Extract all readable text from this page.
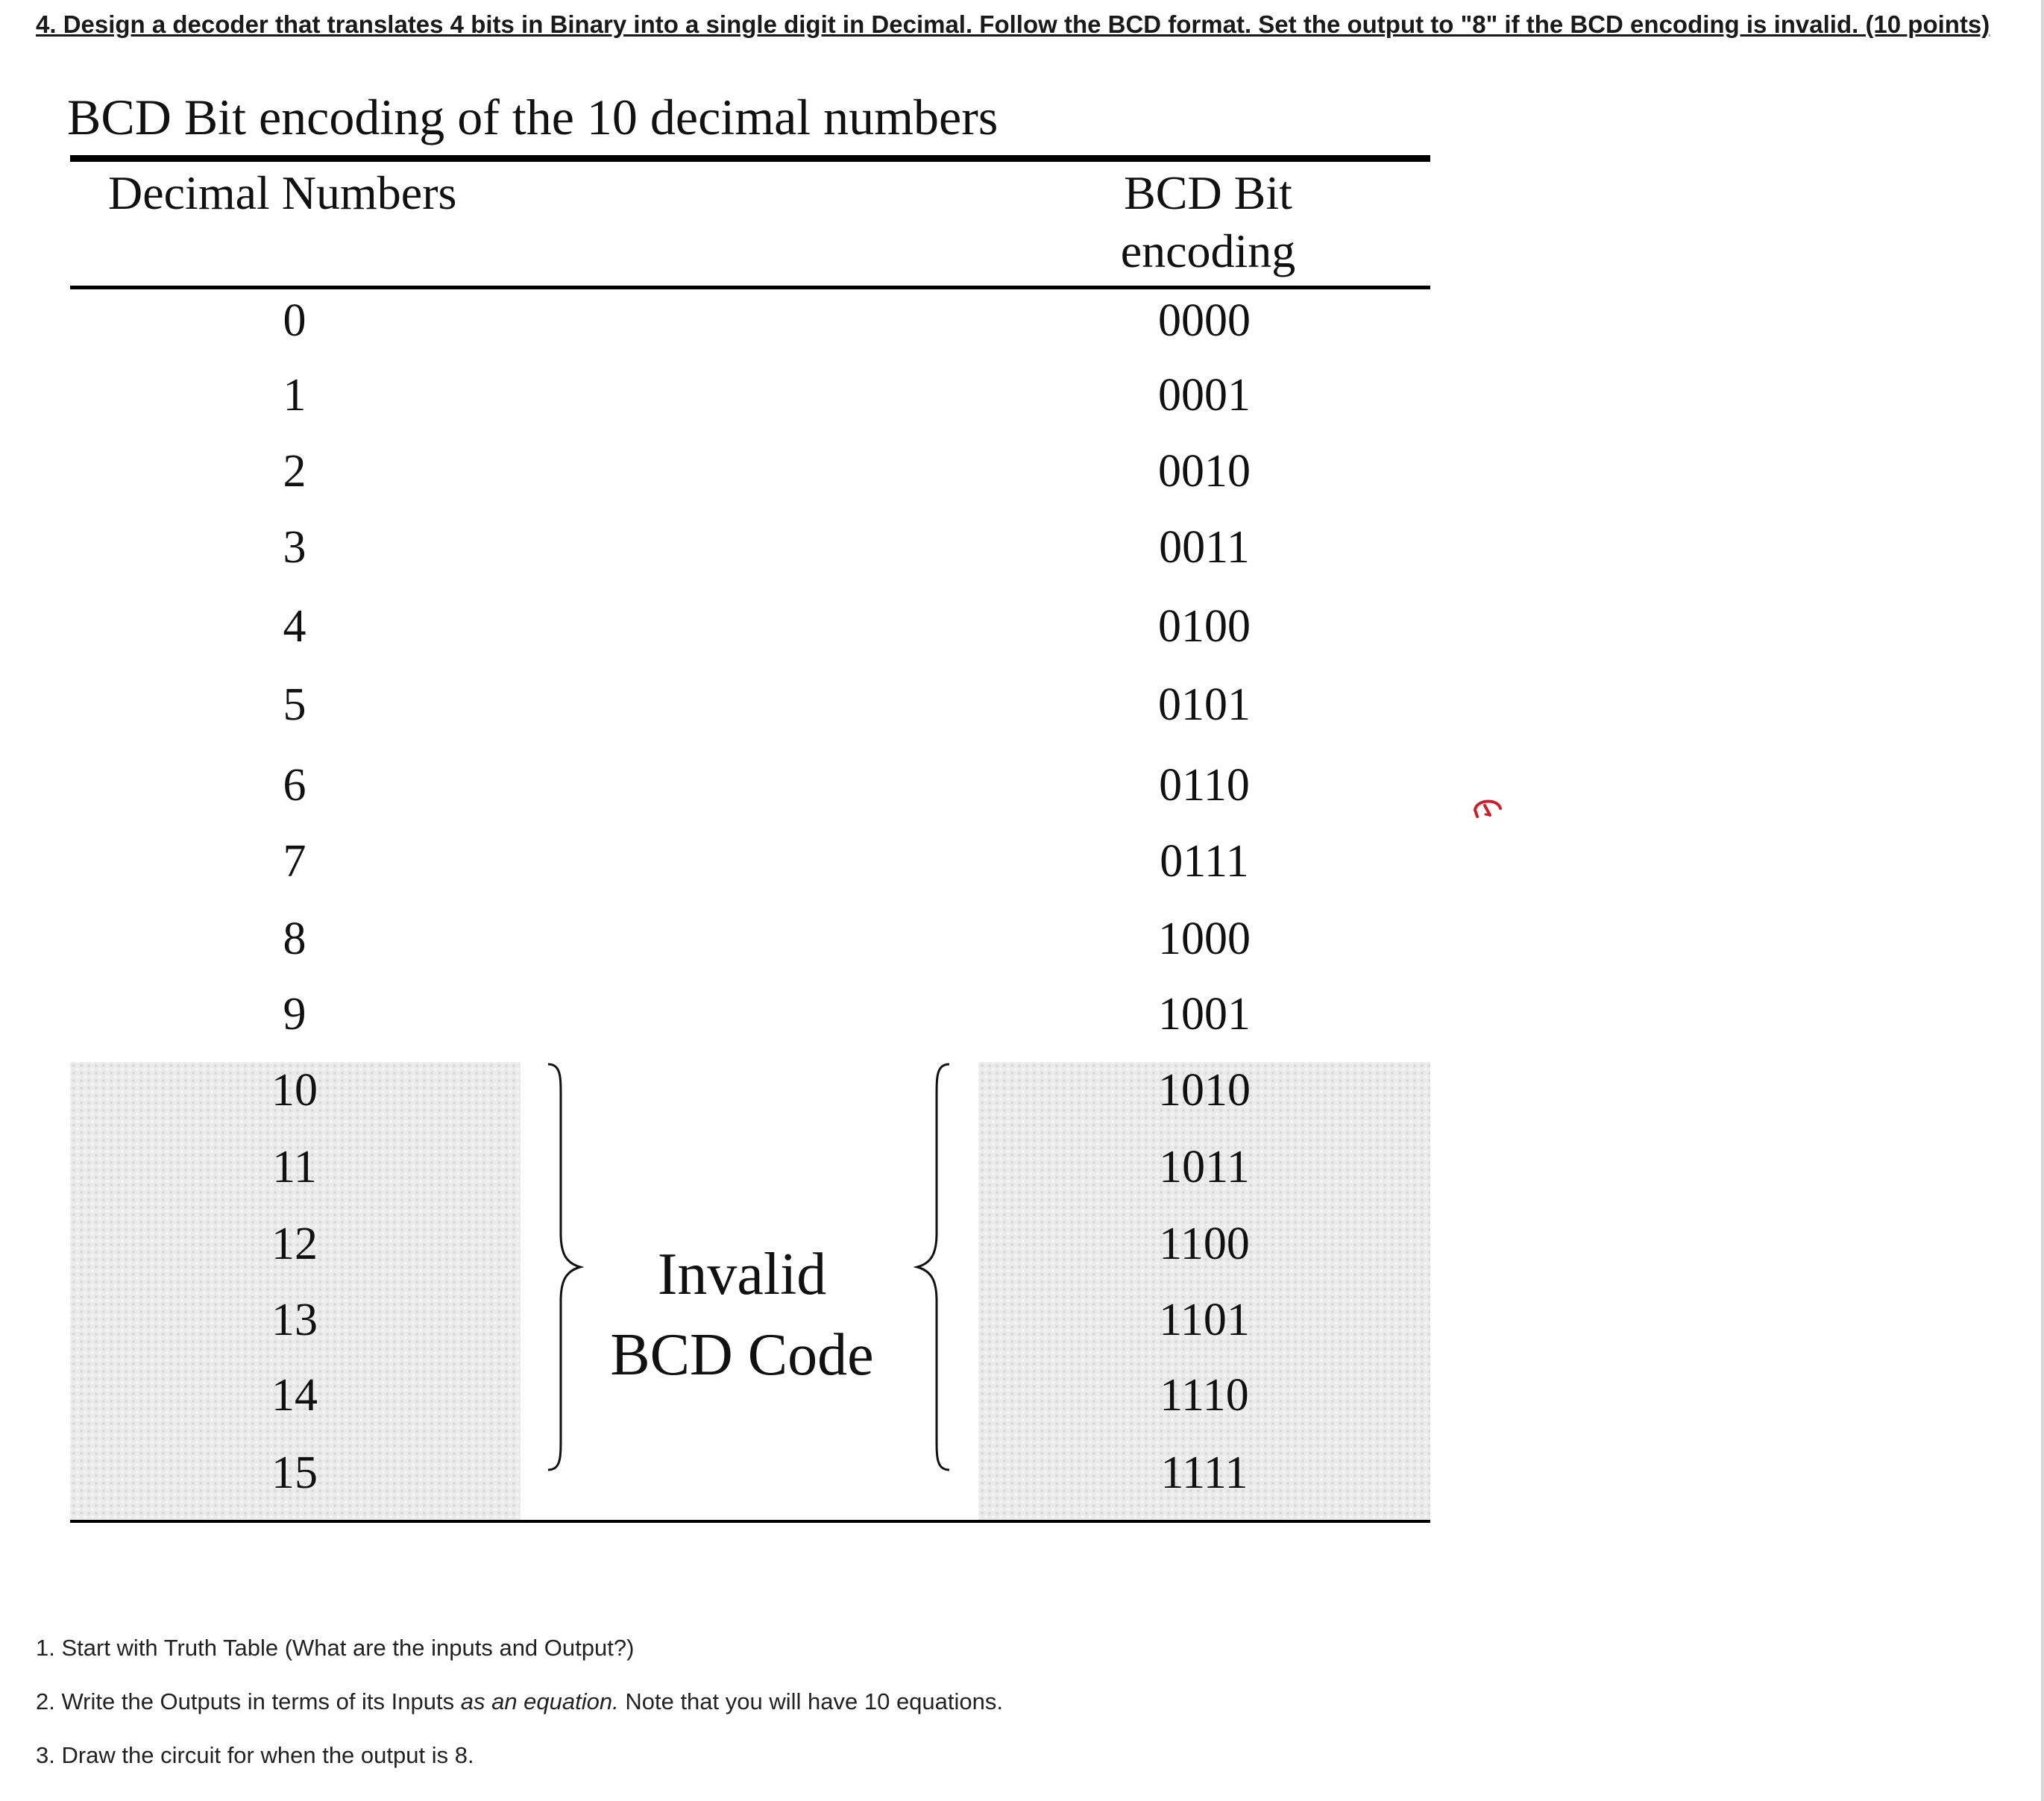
4. Design a decoder that translates 4 bits in Binary into a single digit in Decimal. Follow the BCD format. Set the output to "8" if the BCD encoding is invalid. (10 points)
BCD Bit encoding of the 10 decimal numbers
Decimal Numbers	BCD Bit
encoding
0
1
2
3
4
5
6
7
8
9
10
11
12
13
14
15
0000
0001
0010
0011
0100
0101
0110
0111
1000
1001
1010
1011
1100
1101
1110
1111
Invalid
BCD Code
1. Start with Truth Table (What are the inputs and Output?)
2. Write the Outputs in terms of its Inputs as an equation. Note that you will have 10 equations.
3. Draw the circuit for when the output is 8.
